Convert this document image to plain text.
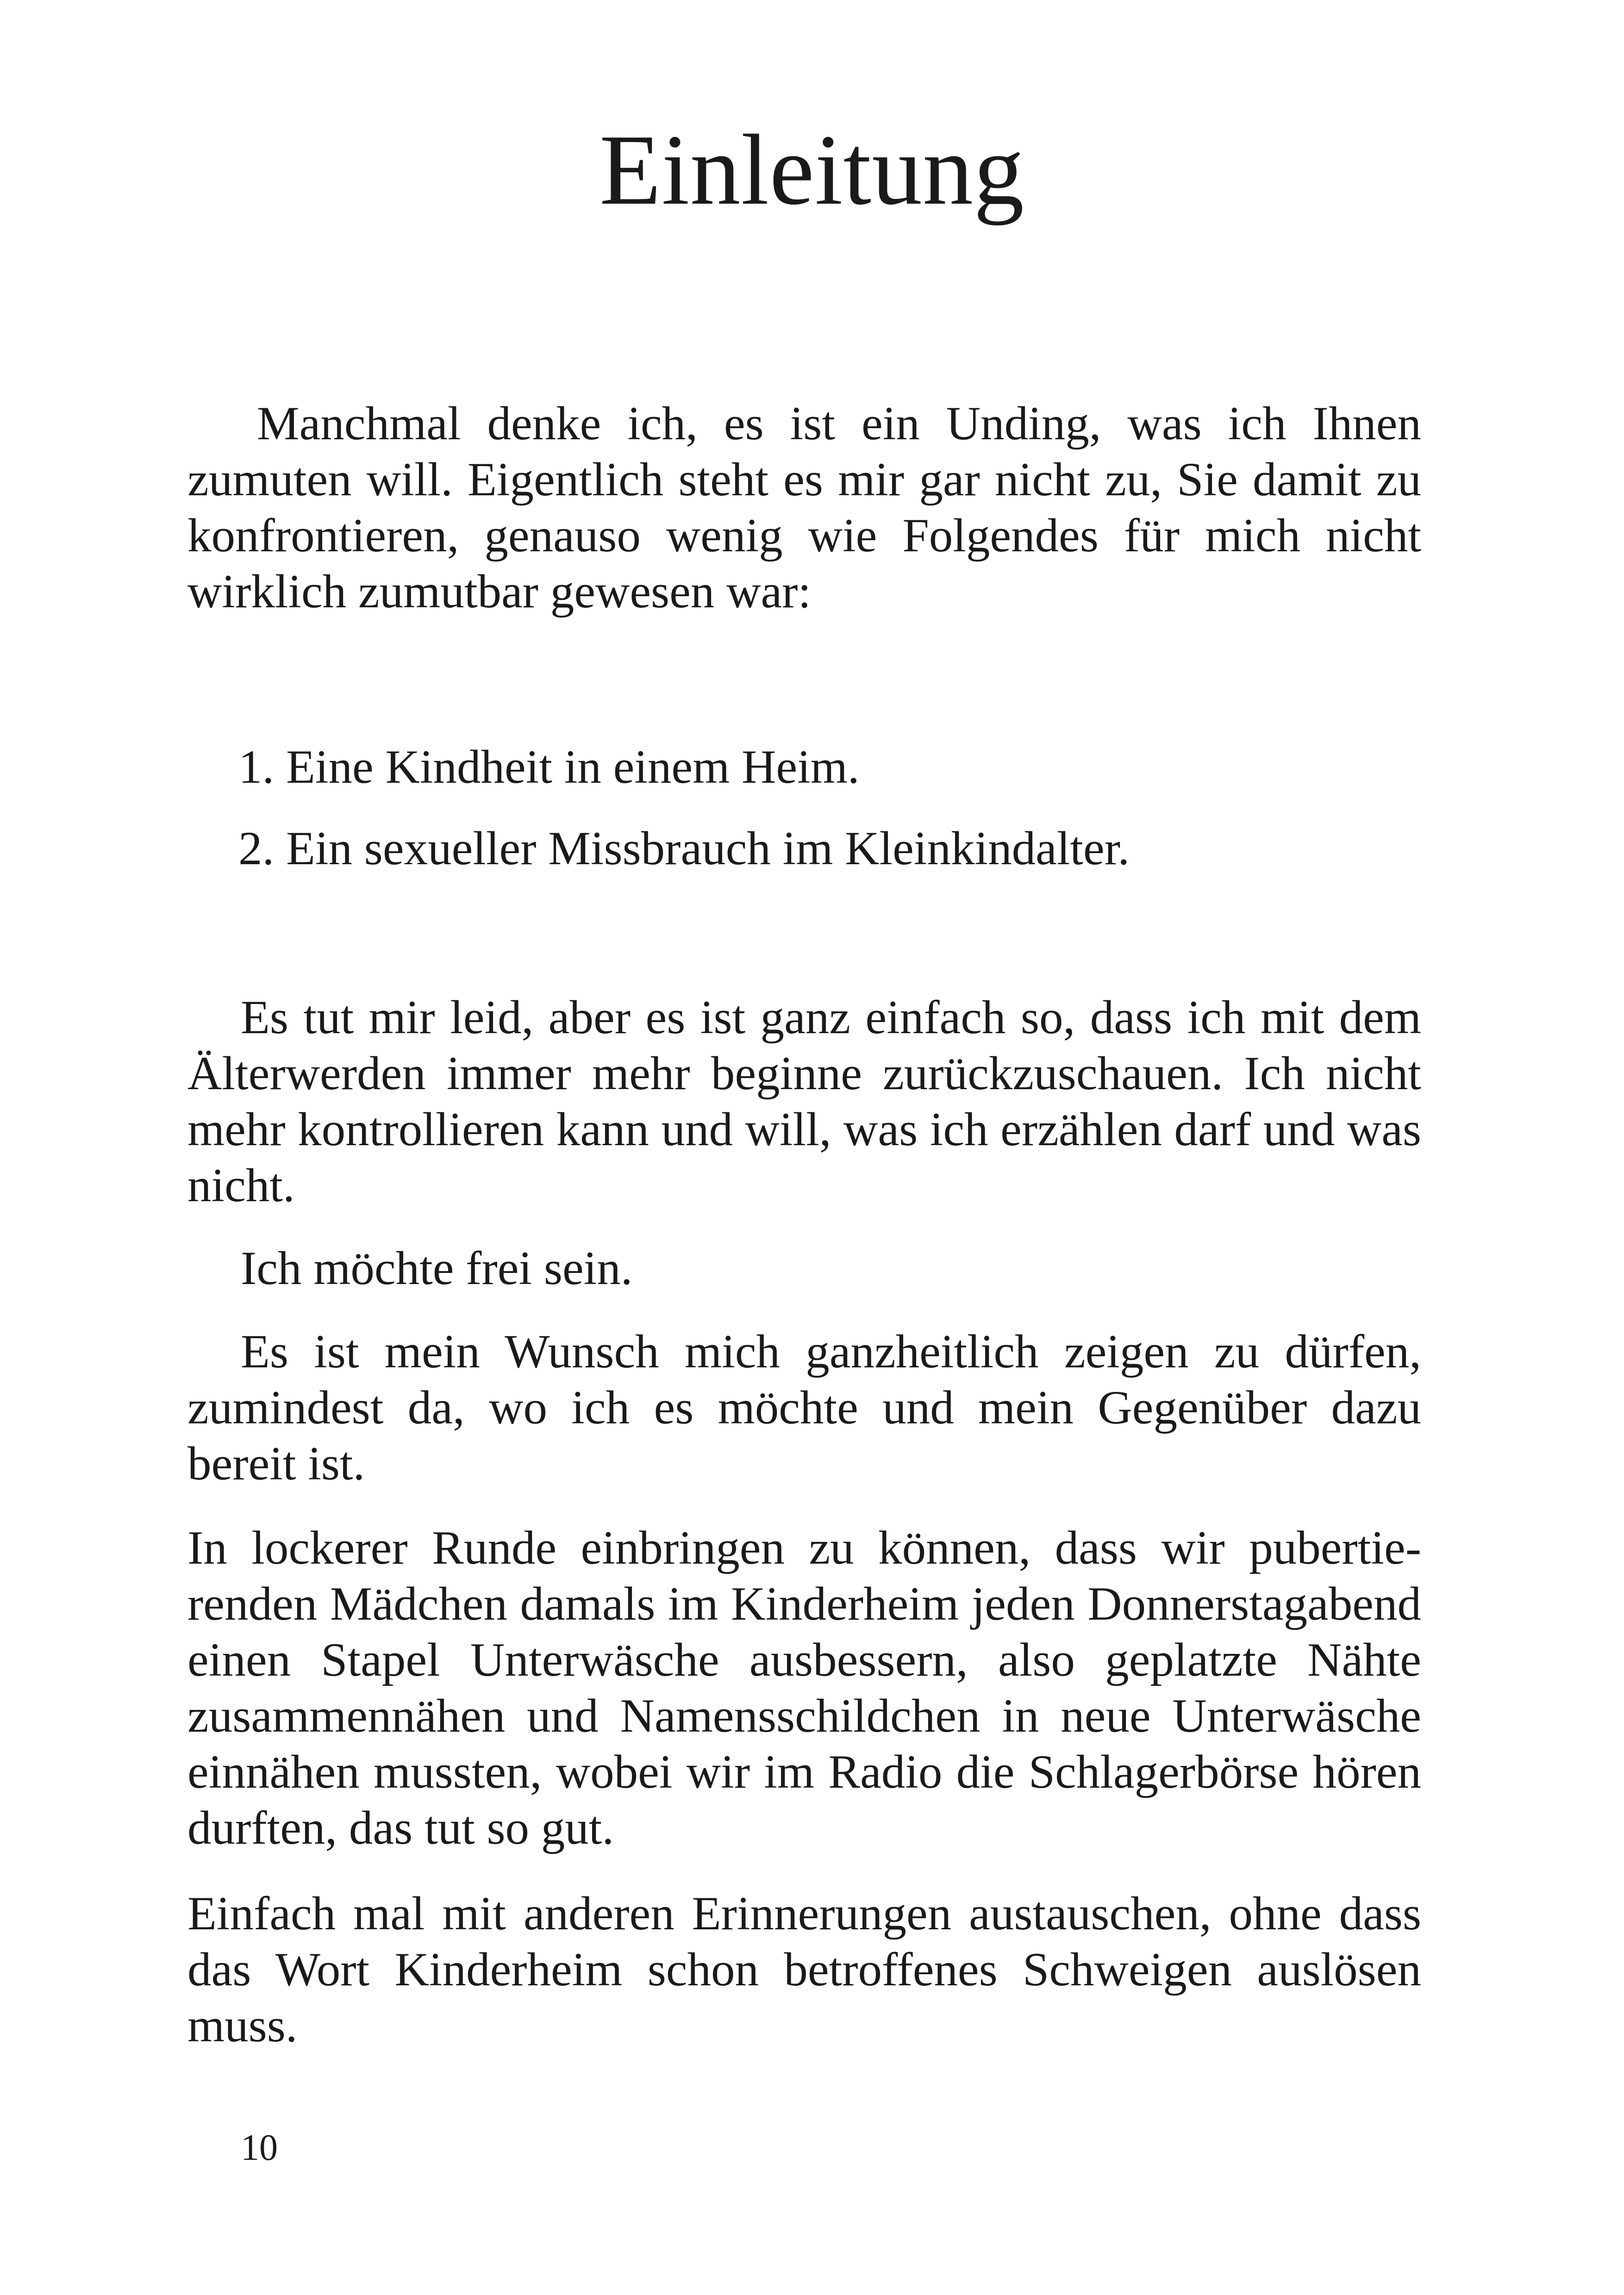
Einleitung

Manchmal denke ich, es ist ein Unding, was ich Ihnen zumuten will. Eigentlich steht es mir gar nicht zu, Sie damit zu konfrontieren, genauso wenig wie Folgendes für mich nicht wirklich zumutbar gewesen war:

1. Eine Kindheit in einem Heim.

2. Ein sexueller Missbrauch im Kleinkindalter.

Es tut mir leid, aber es ist ganz einfach so, dass ich mit dem Älterwerden immer mehr beginne zurückzuschauen. Ich nicht mehr kontrollieren kann und will, was ich erzählen darf und was nicht.

Ich möchte frei sein.

Es ist mein Wunsch mich ganzheitlich zeigen zu dürfen, zumindest da, wo ich es möchte und mein Gegenüber dazu bereit ist.

In lockerer Runde einbringen zu können, dass wir pubertierenden Mädchen damals im Kinderheim jeden Donnerstagabend einen Stapel Unterwäsche ausbessern, also geplatzte Nähte zusammennähen und Namensschildchen in neue Unterwäsche einnähen mussten, wobei wir im Radio die Schlagerbörse hören durften, das tut so gut.

Einfach mal mit anderen Erinnerungen austauschen, ohne dass das Wort Kinderheim schon betroffenes Schweigen auslösen muss.

10
